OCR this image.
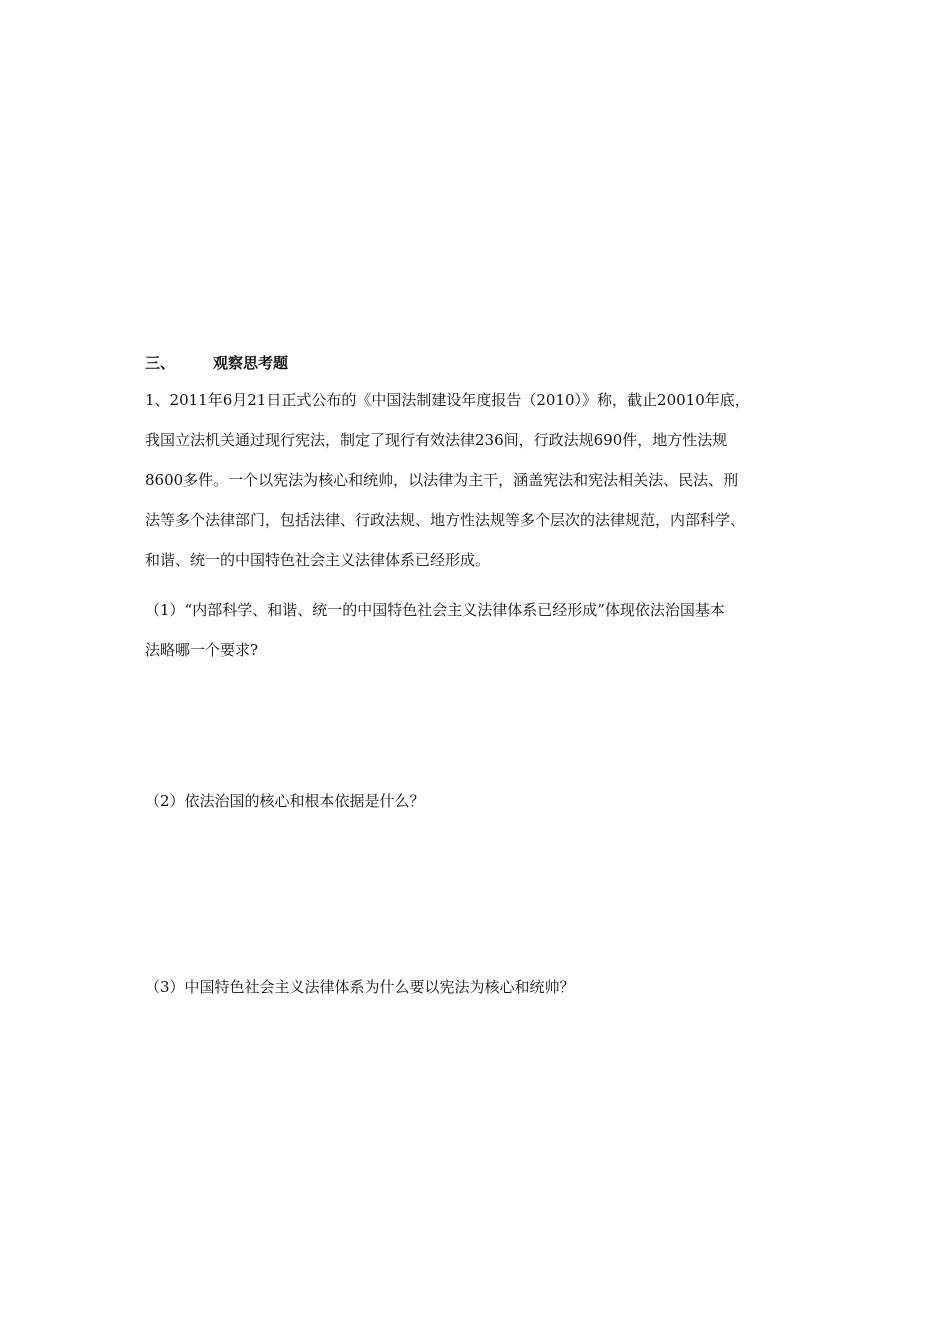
三、	观察思考题
1、2011年6月21日正式公布的《中国法制建设年度报告（2010）》称，截止20010年底，
我国立法机关通过现行宪法，制定了现行有效法律236间，行政法规690件，地方性法规
8600多件。一个以宪法为核心和统帅，以法律为主干，涵盖宪法和宪法相关法、民法、刑
法等多个法律部门，包括法律、行政法规、地方性法规等多个层次的法律规范，内部科学、
和谐、统一的中国特色社会主义法律体系已经形成。
（1）“内部科学、和谐、统一的中国特色社会主义法律体系已经形成”体现依法治国基本
法略哪一个要求?
（2）依法治国的核心和根本依据是什么？
（3）中国特色社会主义法律体系为什么要以宪法为核心和统帅？
